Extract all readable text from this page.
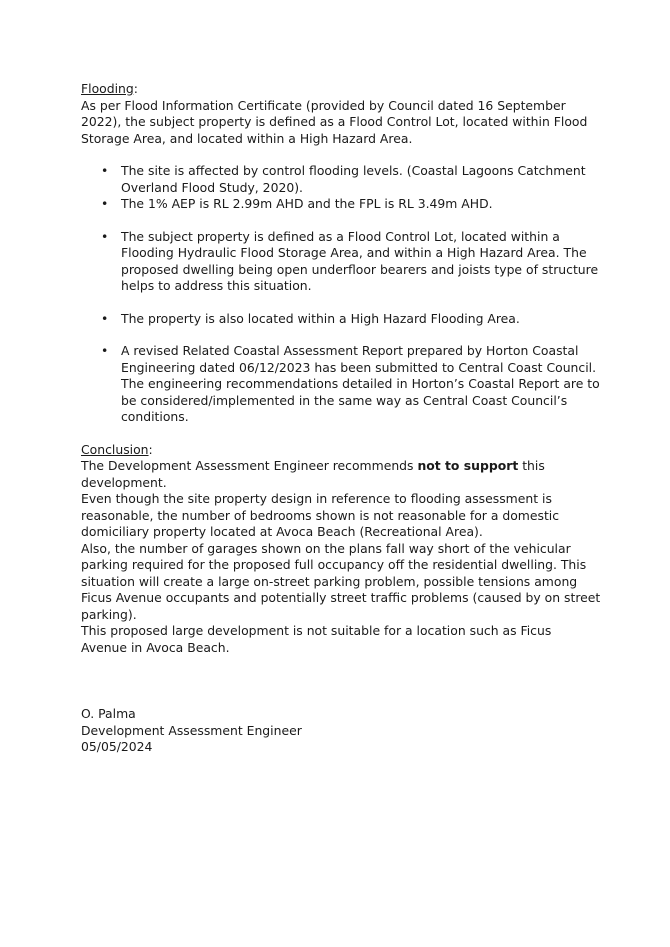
Flooding:

As per Flood Information Certificate (provided by Council dated 16 September 2022), the subject property is defined as a Flood Control Lot, located within Flood Storage Area, and located within a High Hazard Area.

• The site is affected by control flooding levels. (Coastal Lagoons Catchment Overland Flood Study, 2020).
• The 1% AEP is RL 2.99m AHD and the FPL is RL 3.49m AHD.
• The subject property is defined as a Flood Control Lot, located within a Flooding Hydraulic Flood Storage Area, and within a High Hazard Area. The proposed dwelling being open underfloor bearers and joists type of structure helps to address this situation.
• The property is also located within a High Hazard Flooding Area.
• A revised Related Coastal Assessment Report prepared by Horton Coastal Engineering dated 06/12/2023 has been submitted to Central Coast Council. The engineering recommendations detailed in Horton’s Coastal Report are to be considered/implemented in the same way as Central Coast Council’s conditions.

Conclusion:

The Development Assessment Engineer recommends not to support this development.

Even though the site property design in reference to flooding assessment is reasonable, the number of bedrooms shown is not reasonable for a domestic domiciliary property located at Avoca Beach (Recreational Area).

Also, the number of garages shown on the plans fall way short of the vehicular parking required for the proposed full occupancy off the residential dwelling. This situation will create a large on-street parking problem, possible tensions among Ficus Avenue occupants and potentially street traffic problems (caused by on street parking).

This proposed large development is not suitable for a location such as Ficus Avenue in Avoca Beach.

O. Palma

Development Assessment Engineer

05/05/2024
